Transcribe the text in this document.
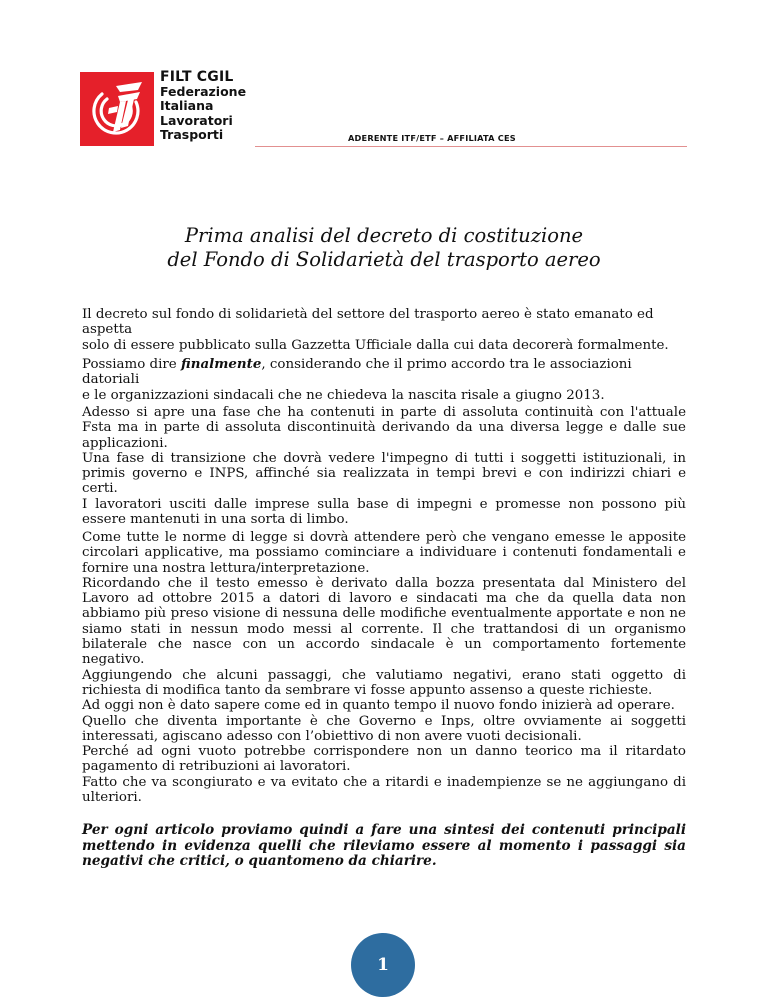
FILT CGIL
Federazione
Italiana
Lavoratori
Trasporti	ADERENTE ITF/ETF – AFFILIATA CES
Prima analisi del decreto di costituzione
del Fondo di Solidarietà del trasporto aereo

Il decreto sul fondo di solidarietà del settore del trasporto aereo è stato emanato ed aspetta

solo di essere pubblicato sulla Gazzetta Ufficiale dalla cui data decorerà formalmente.

Possiamo dire finalmente, considerando che il primo accordo tra le associazioni datoriali

e le organizzazioni sindacali che ne chiedeva la nascita risale a giugno 2013.

Adesso si apre una fase che ha contenuti in parte di assoluta continuità con l'attuale Fsta ma in parte di assoluta discontinuità derivando da una diversa legge e dalle sue applicazioni.

Una fase di transizione che dovrà vedere l'impegno di tutti i soggetti istituzionali, in primis governo e INPS, affinché sia realizzata in tempi brevi e con indirizzi chiari e certi.

I lavoratori usciti dalle imprese sulla base di impegni e promesse non possono più essere mantenuti in una sorta di limbo.

Come tutte le norme di legge si dovrà attendere però che vengano emesse le apposite circolari applicative, ma possiamo cominciare a individuare i contenuti fondamentali e fornire una nostra lettura/interpretazione.

Ricordando che il testo emesso è derivato dalla bozza presentata dal Ministero del Lavoro ad ottobre 2015 a datori di lavoro e sindacati ma che da quella data non abbiamo più preso visione di nessuna delle modifiche eventualmente apportate e non ne siamo stati in nessun modo messi al corrente. Il che trattandosi di un organismo bilaterale che nasce con un accordo sindacale è un comportamento fortemente negativo.

Aggiungendo che alcuni passaggi, che valutiamo negativi, erano stati oggetto di richiesta di modifica tanto da sembrare vi fosse appunto assenso a queste richieste.

Ad oggi non è dato sapere come ed in quanto tempo il nuovo fondo inizierà ad operare.

Quello che diventa importante è che Governo e Inps, oltre ovviamente ai soggetti interessati, agiscano adesso con l’obiettivo di non avere vuoti decisionali.

Perché ad ogni vuoto potrebbe corrispondere non un danno teorico ma il ritardato pagamento di retribuzioni ai lavoratori.

Fatto che va scongiurato e va evitato che a ritardi e inadempienze se ne aggiungano di ulteriori.

Per ogni articolo proviamo quindi a fare una sintesi dei contenuti principali mettendo in evidenza quelli che rileviamo essere al momento i passaggi sia negativi che critici, o quantomeno da chiarire.

1
